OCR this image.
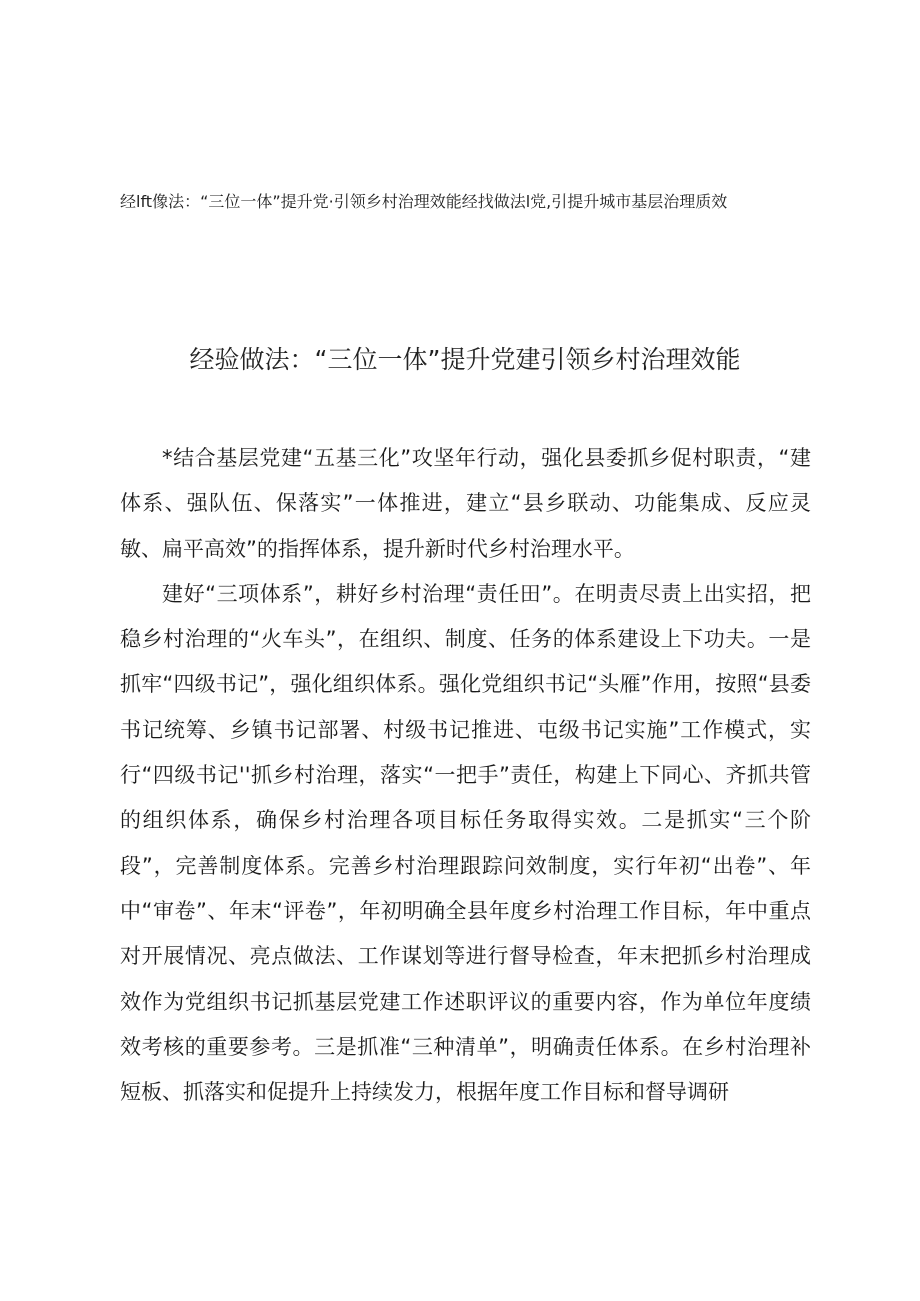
经lft像法：“三位一体”提升党·引领乡村治理效能经找做法l党,引提升城市基层治理质效
经验做法：“三位一体”提升党建引领乡村治理效能

*结合基层党建“五基三化”攻坚年行动，强化县委抓乡促村职责，“建体系、强队伍、保落实”一体推进，建立“县乡联动、功能集成、反应灵敏、扁平高效”的指挥体系，提升新时代乡村治理水平。

建好“三项体系”，耕好乡村治理“责任田”。在明责尽责上出实招，把稳乡村治理的“火车头”，在组织、制度、任务的体系建设上下功夫。一是抓牢“四级书记”，强化组织体系。强化党组织书记“头雁”作用，按照“县委书记统筹、乡镇书记部署、村级书记推进、屯级书记实施”工作模式，实行“四级书记''抓乡村治理，落实“一把手”责任，构建上下同心、齐抓共管的组织体系，确保乡村治理各项目标任务取得实效。二是抓实“三个阶段”，完善制度体系。完善乡村治理跟踪问效制度，实行年初“出卷”、年中“审卷”、年末“评卷”，年初明确全县年度乡村治理工作目标，年中重点对开展情况、亮点做法、工作谋划等进行督导检查，年末把抓乡村治理成效作为党组织书记抓基层党建工作述职评议的重要内容，作为单位年度绩效考核的重要参考。三是抓准“三种清单”，明确责任体系。在乡村治理补短板、抓落实和促提升上持续发力，根据年度工作目标和督导调研
